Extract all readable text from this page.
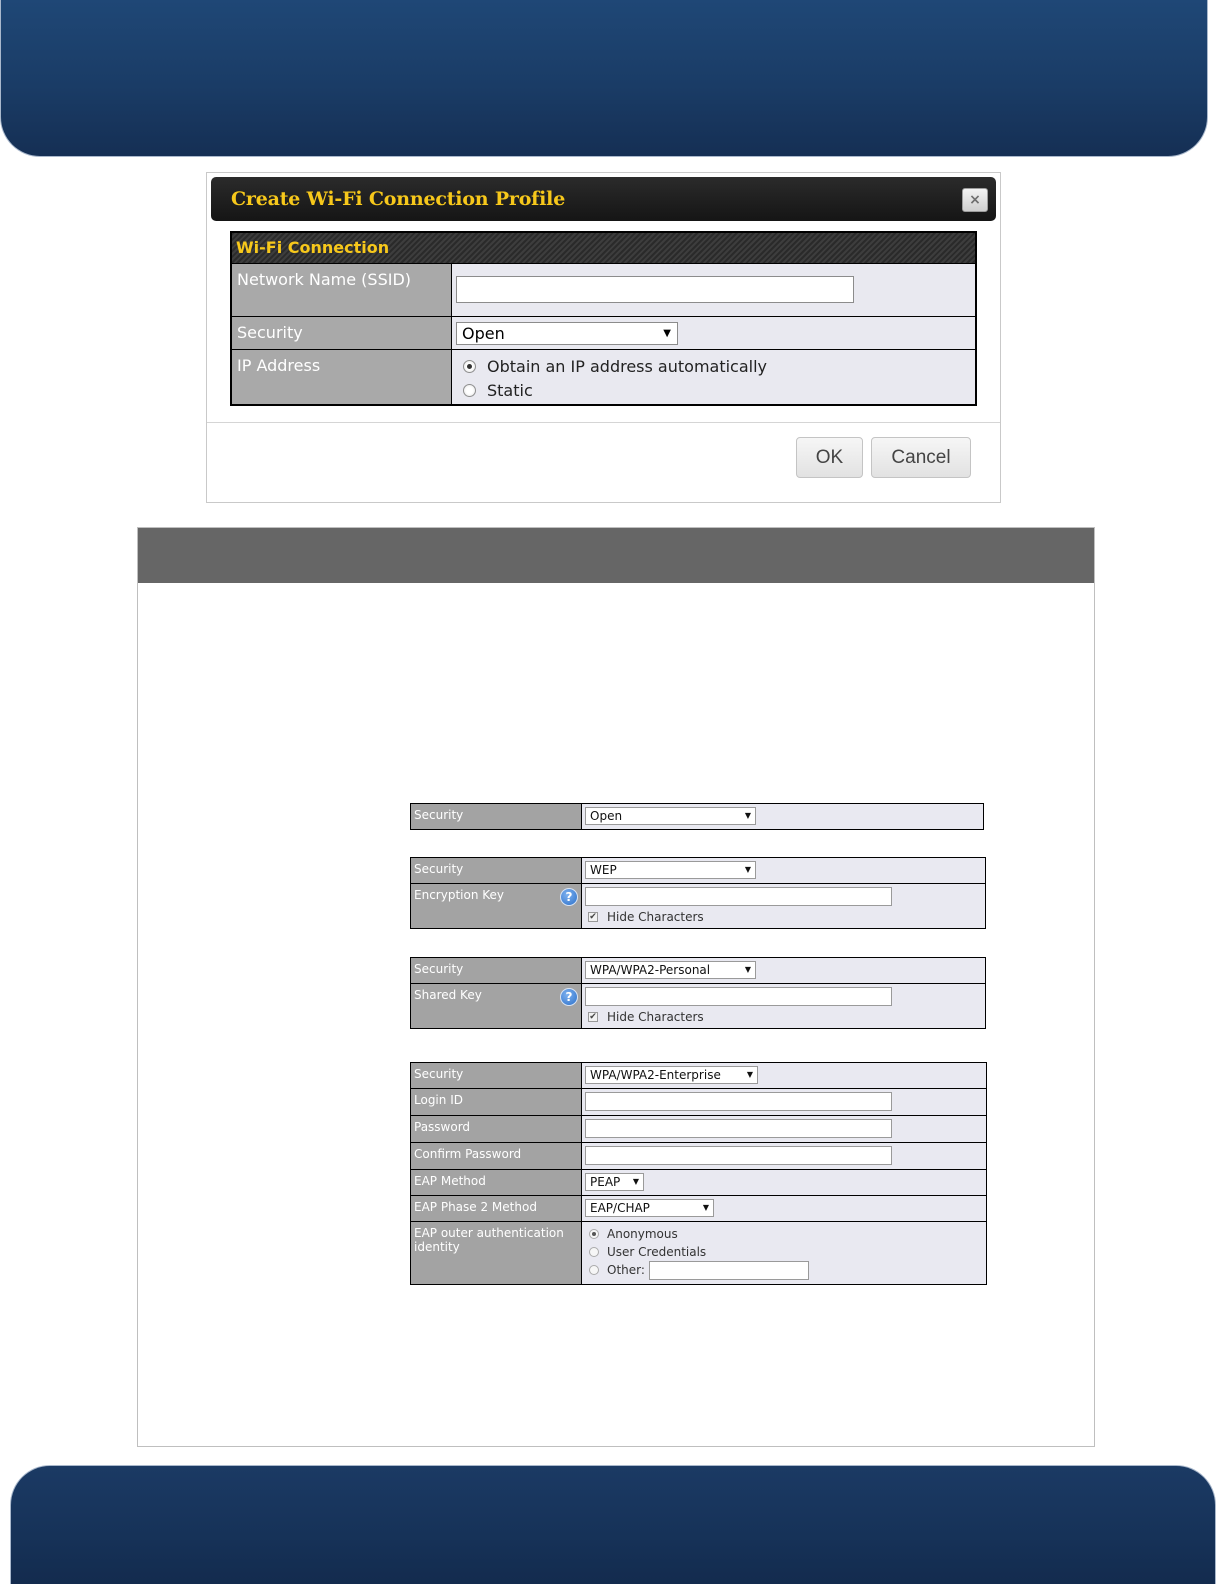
Create Wi-Fi Connection Profile	×
Wi-Fi Connection
Network Name (SSID)
Security	Open	▼
IP Address	Obtain an IP address automatically
Static
OK	Cancel
Security	Open	▼
Security	WEP	▼
Encryption Key	?
✔ Hide Characters
Security	WPA/WPA2-Personal	▼
Shared Key	?
✔ Hide Characters
Security	WPA/WPA2-Enterprise	▼
Login ID
Password
Confirm Password
EAP Method	PEAP ▼
EAP Phase 2 Method	EAP/CHAP	▼
EAP outer authentication identity
Anonymous
User Credentials
Other:
